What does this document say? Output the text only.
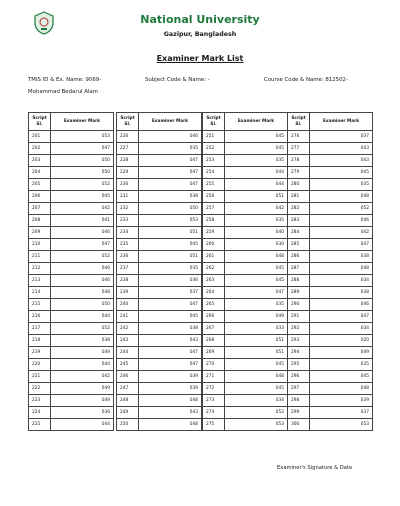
National University
Gazipur, Bangladesh
Examiner Mark List
TMIS ID & Ex. Name: 9069-	Subject Code & Name: -	Course Code & Name: 812502-
Mohammad Bedarul Alam
Script Sl.	Examiner Mark
201	053
202	047
203	050
204	050
205	052
206	045
207	042
208	041
209	046
210	047
211	052
212	046
213	046
214	048
215	050
216	044
217	052
218	038
219	049
220	044
221	042
222	049
223	049
224	036
225	044
Script Sl.	Examiner Mark
226	046
227	035
228	047
229	047
230	047
231	038
232	050
233	053
234	051
235	045
236	051
237	035
238	036
239	037
240	047
241	045
242	038
243	043
244	047
245	047
246	039
247	039
248	048
249	043
250	048
Script Sl.	Examiner Mark
251	045
252	045
253	035
254	044
255	044
256	051
257	042
258	035
259	040
260	030
261	048
262	045
263	045
264	047
265	035
266	049
267	033
268	051
269	051
270	045
271	048
272	045
273	034
274	052
275	053
Script Sl.	Examiner Mark
276	037
277	043
278	043
279	045
280	035
281	048
282	052
283	046
284	042
285	047
286	038
287	048
288	034
289	038
290	046
291	047
292	034
293	020
294	049
295	035
296	045
297	048
298	039
299	037
300	053
Examiner's Signature & Date
